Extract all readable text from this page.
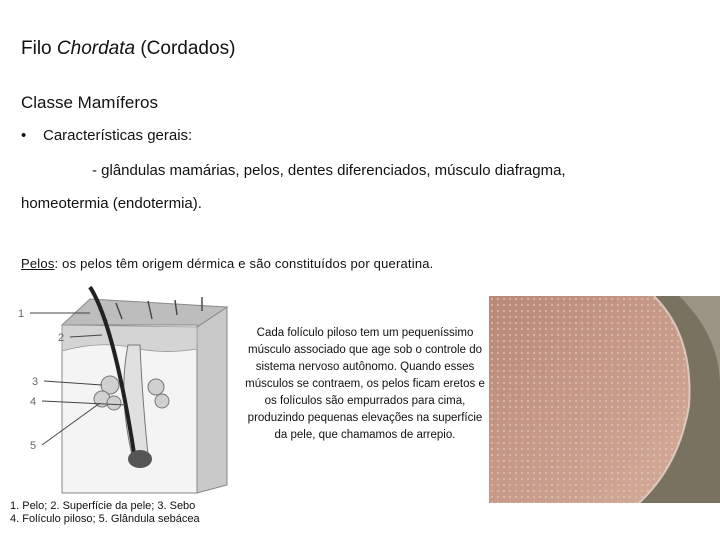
Filo Chordata (Cordados)
Classe Mamíferos
• Características gerais:
- glândulas mamárias, pelos, dentes diferenciados, músculo diafragma,
homeotermia (endotermia).
Pelos: os pelos têm origem dérmica e são constituídos por queratina.
1
2
3
4
5
1. Pelo; 2. Superfície da pele; 3. Sebo
4. Folículo piloso; 5. Glândula sebácea
Cada folículo piloso tem um pequeníssimo músculo associado que age sob o controle do sistema nervoso autônomo. Quando esses músculos se contraem, os pelos ficam eretos e os folículos são empurrados para cima, produzindo pequenas elevações na superfície da pele, que chamamos de arrepio.
